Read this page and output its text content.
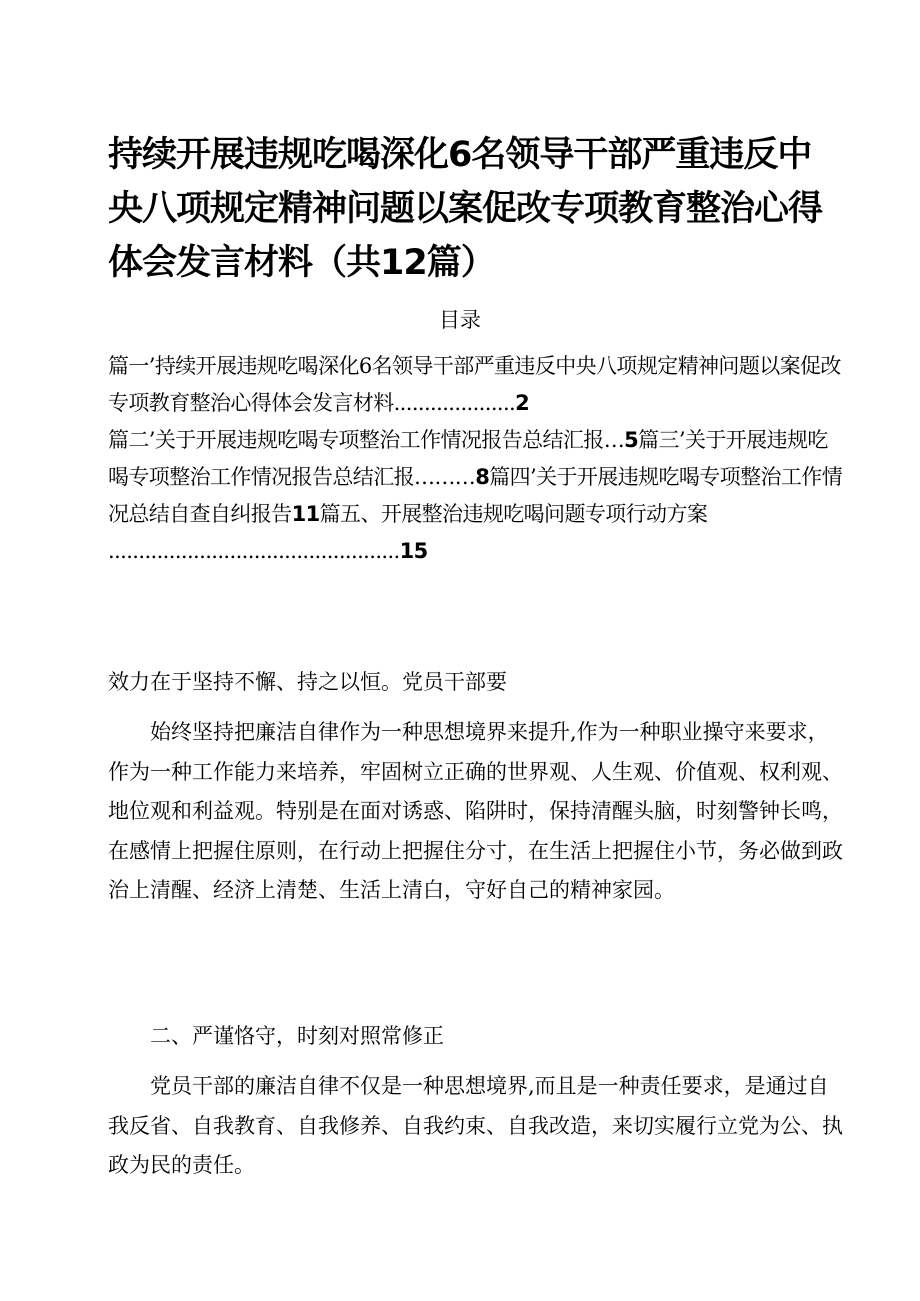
持续开展违规吃喝深化6名领导干部严重违反中央八项规定精神问题以案促改专项教育整治心得体会发言材料（共12篇）
目录
篇一’持续开展违规吃喝深化6名领导干部严重违反中央八项规定精神问题以案促改专项教育整治心得体会发言材料....................2
篇二’关于开展违规吃喝专项整治工作情况报告总结汇报…5篇三’关于开展违规吃喝专项整治工作情况报告总结汇报………8篇四’关于开展违规吃喝专项整治工作情况总结自查自纠报告11篇五、开展整治违规吃喝问题专项行动方案 ................................................15

效力在于坚持不懈、持之以恒。党员干部要

始终坚持把廉洁自律作为一种思想境界来提升,作为一种职业操守来要求，作为一种工作能力来培养，牢固树立正确的世界观、人生观、价值观、权利观、地位观和利益观。特别是在面对诱惑、陷阱时，保持清醒头脑，时刻警钟长鸣，在感情上把握住原则，在行动上把握住分寸，在生活上把握住小节，务必做到政治上清醒、经济上清楚、生活上清白，守好自己的精神家园。

二、严谨恪守，时刻对照常修正

党员干部的廉洁自律不仅是一种思想境界,而且是一种责任要求，是通过自我反省、自我教育、自我修养、自我约束、自我改造，来切实履行立党为公、执政为民的责任。
